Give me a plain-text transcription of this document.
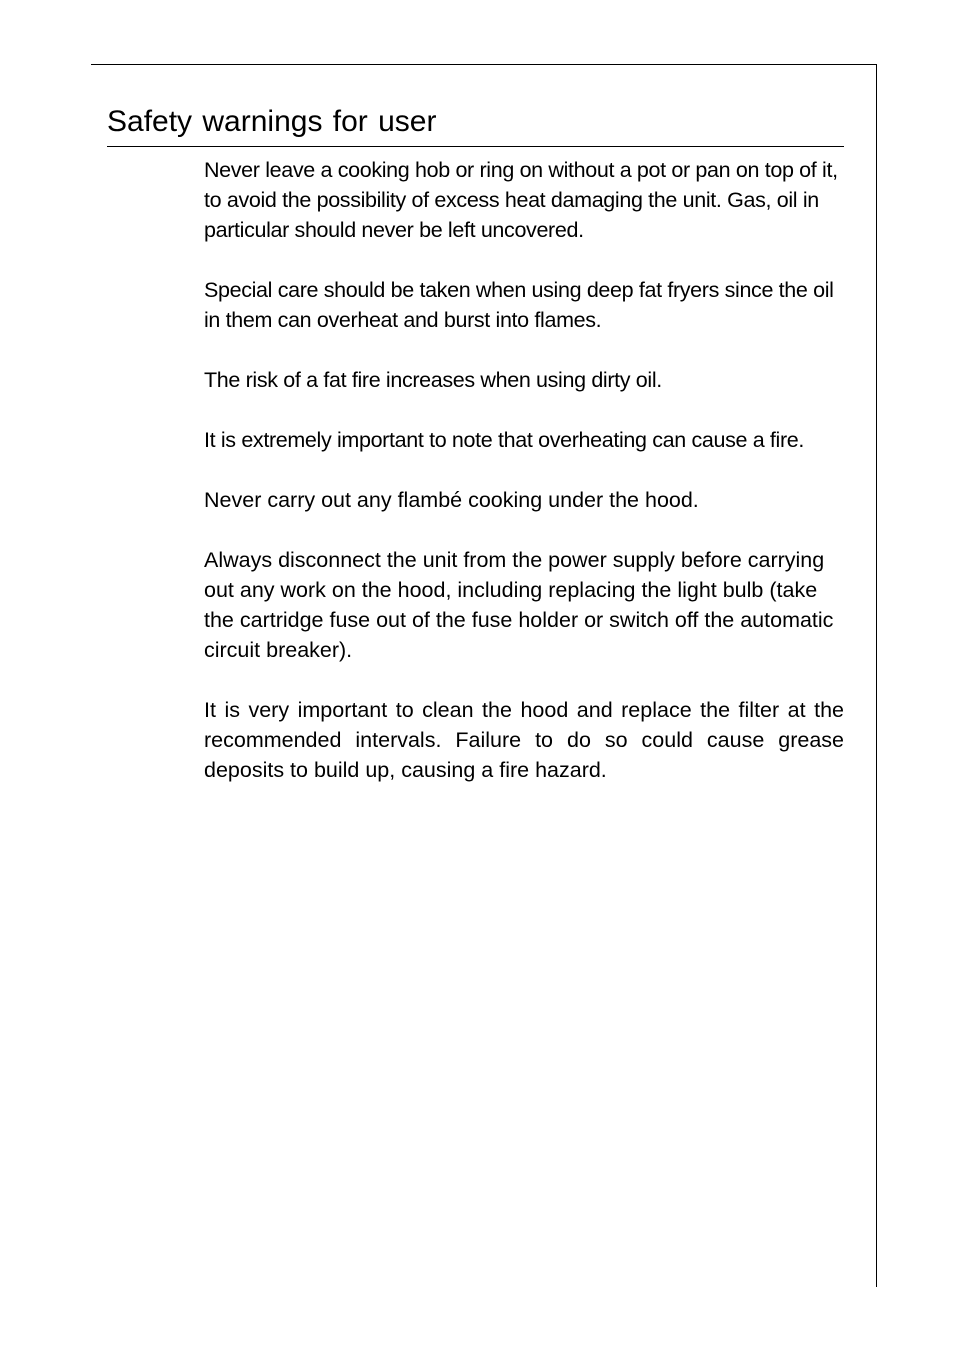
Safety warnings for user

Never leave a cooking hob or ring on without a pot or pan on top of it, to avoid the possibility of excess heat damaging the unit. Gas, oil in particular should never be left uncovered.

Special care should be taken when using deep fat fryers since the oil in them can overheat and burst into flames.

The risk of a fat fire increases when using dirty oil.

It is extremely important to note that overheating can cause a fire.

Never carry out any flambé cooking under the hood.

Always disconnect the unit from the power supply before carrying out any work on the hood, including replacing the light bulb (take the cartridge fuse out of the fuse holder or switch off the automatic circuit breaker).

It is very important to clean the hood and replace the filter at the recommended intervals. Failure to do so could cause grease deposits to build up, causing a fire hazard.
